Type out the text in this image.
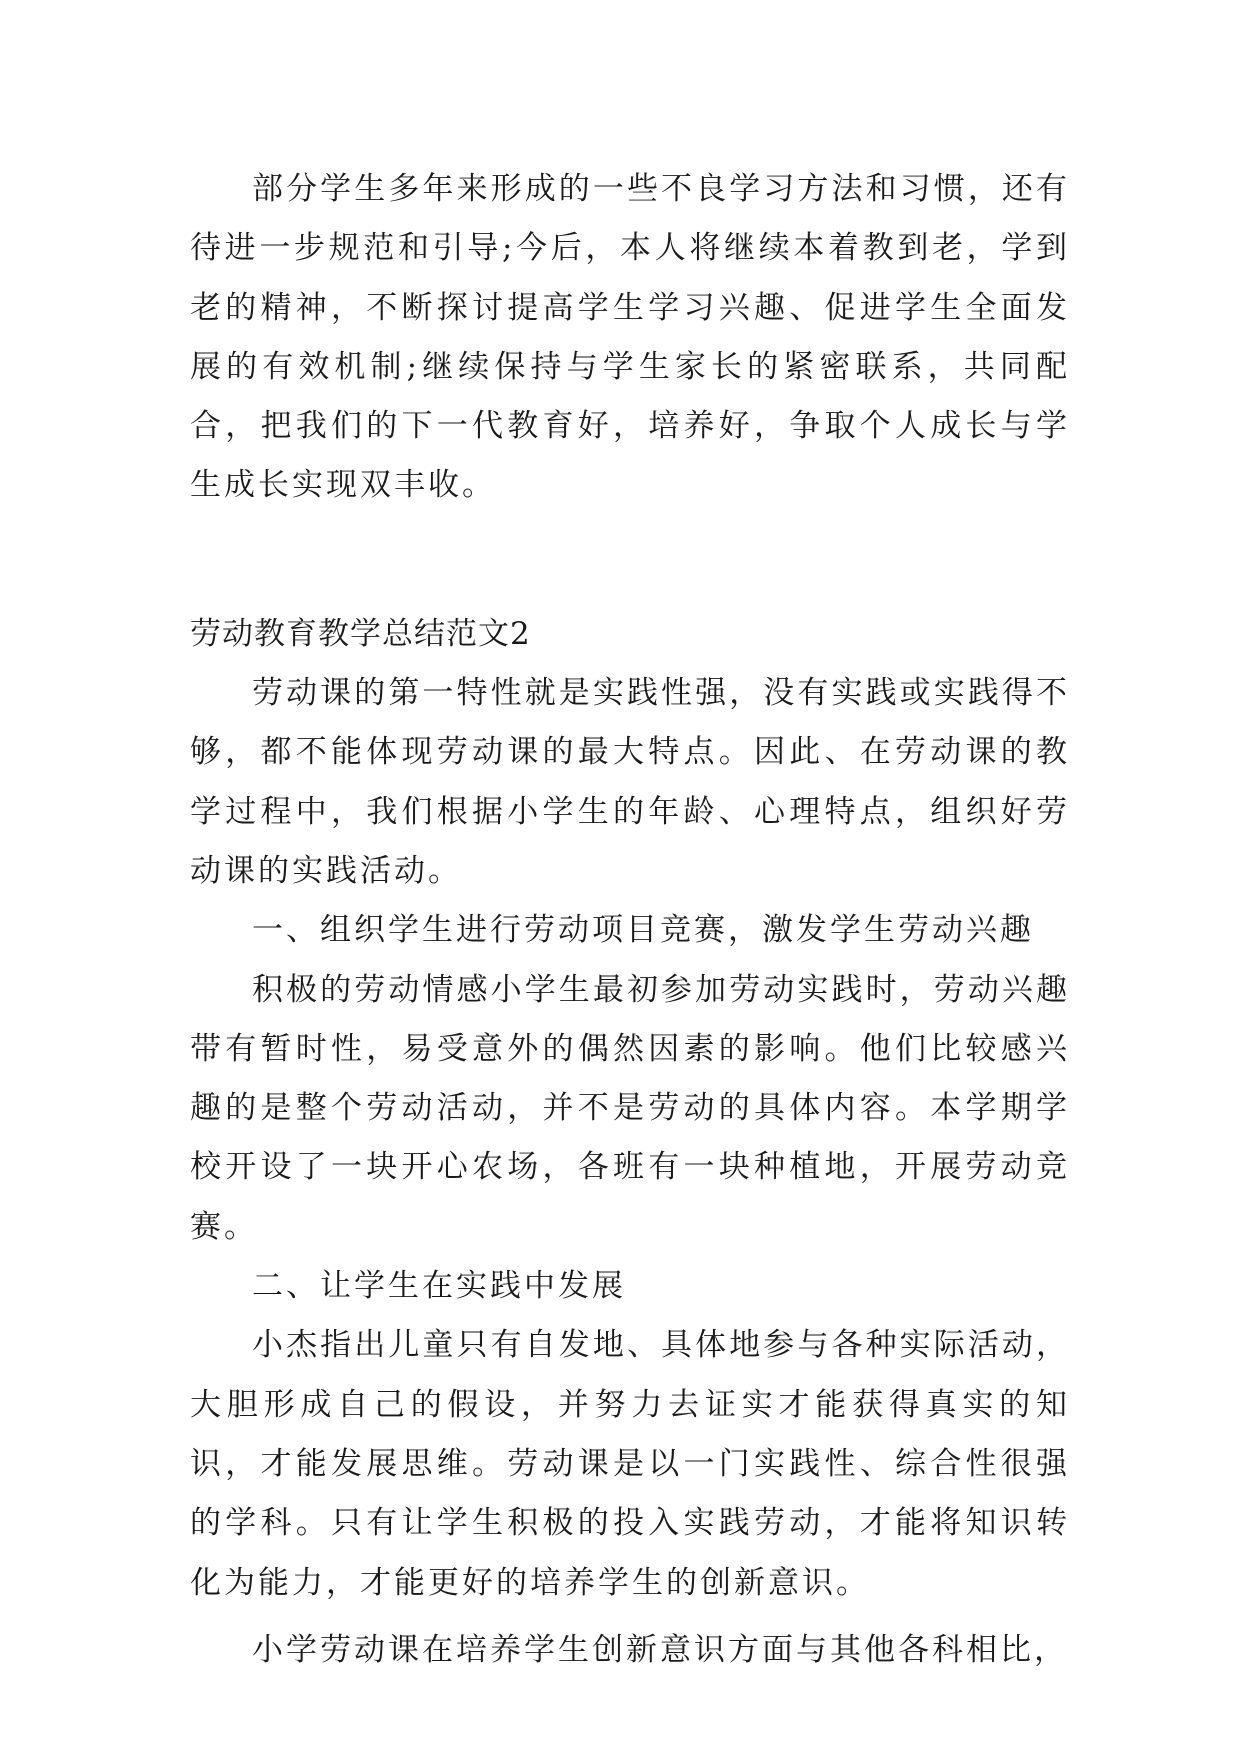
部分学生多年来形成的一些不良学习方法和习惯，还有待进一步规范和引导;今后，本人将继续本着教到老，学到老的精神，不断探讨提高学生学习兴趣、促进学生全面发展的有效机制;继续保持与学生家长的紧密联系，共同配合，把我们的下一代教育好，培养好，争取个人成长与学生成长实现双丰收。

劳动教育教学总结范文2

劳动课的第一特性就是实践性强，没有实践或实践得不够，都不能体现劳动课的最大特点。因此、在劳动课的教学过程中，我们根据小学生的年龄、心理特点，组织好劳动课的实践活动。

一、组织学生进行劳动项目竞赛，激发学生劳动兴趣

积极的劳动情感小学生最初参加劳动实践时，劳动兴趣带有暂时性，易受意外的偶然因素的影响。他们比较感兴趣的是整个劳动活动，并不是劳动的具体内容。本学期学校开设了一块开心农场，各班有一块种植地，开展劳动竞赛。

二、让学生在实践中发展

小杰指出儿童只有自发地、具体地参与各种实际活动，大胆形成自己的假设，并努力去证实才能获得真实的知识，才能发展思维。劳动课是以一门实践性、综合性很强的学科。只有让学生积极的投入实践劳动，才能将知识转化为能力，才能更好的培养学生的创新意识。

小学劳动课在培养学生创新意识方面与其他各科相比，
